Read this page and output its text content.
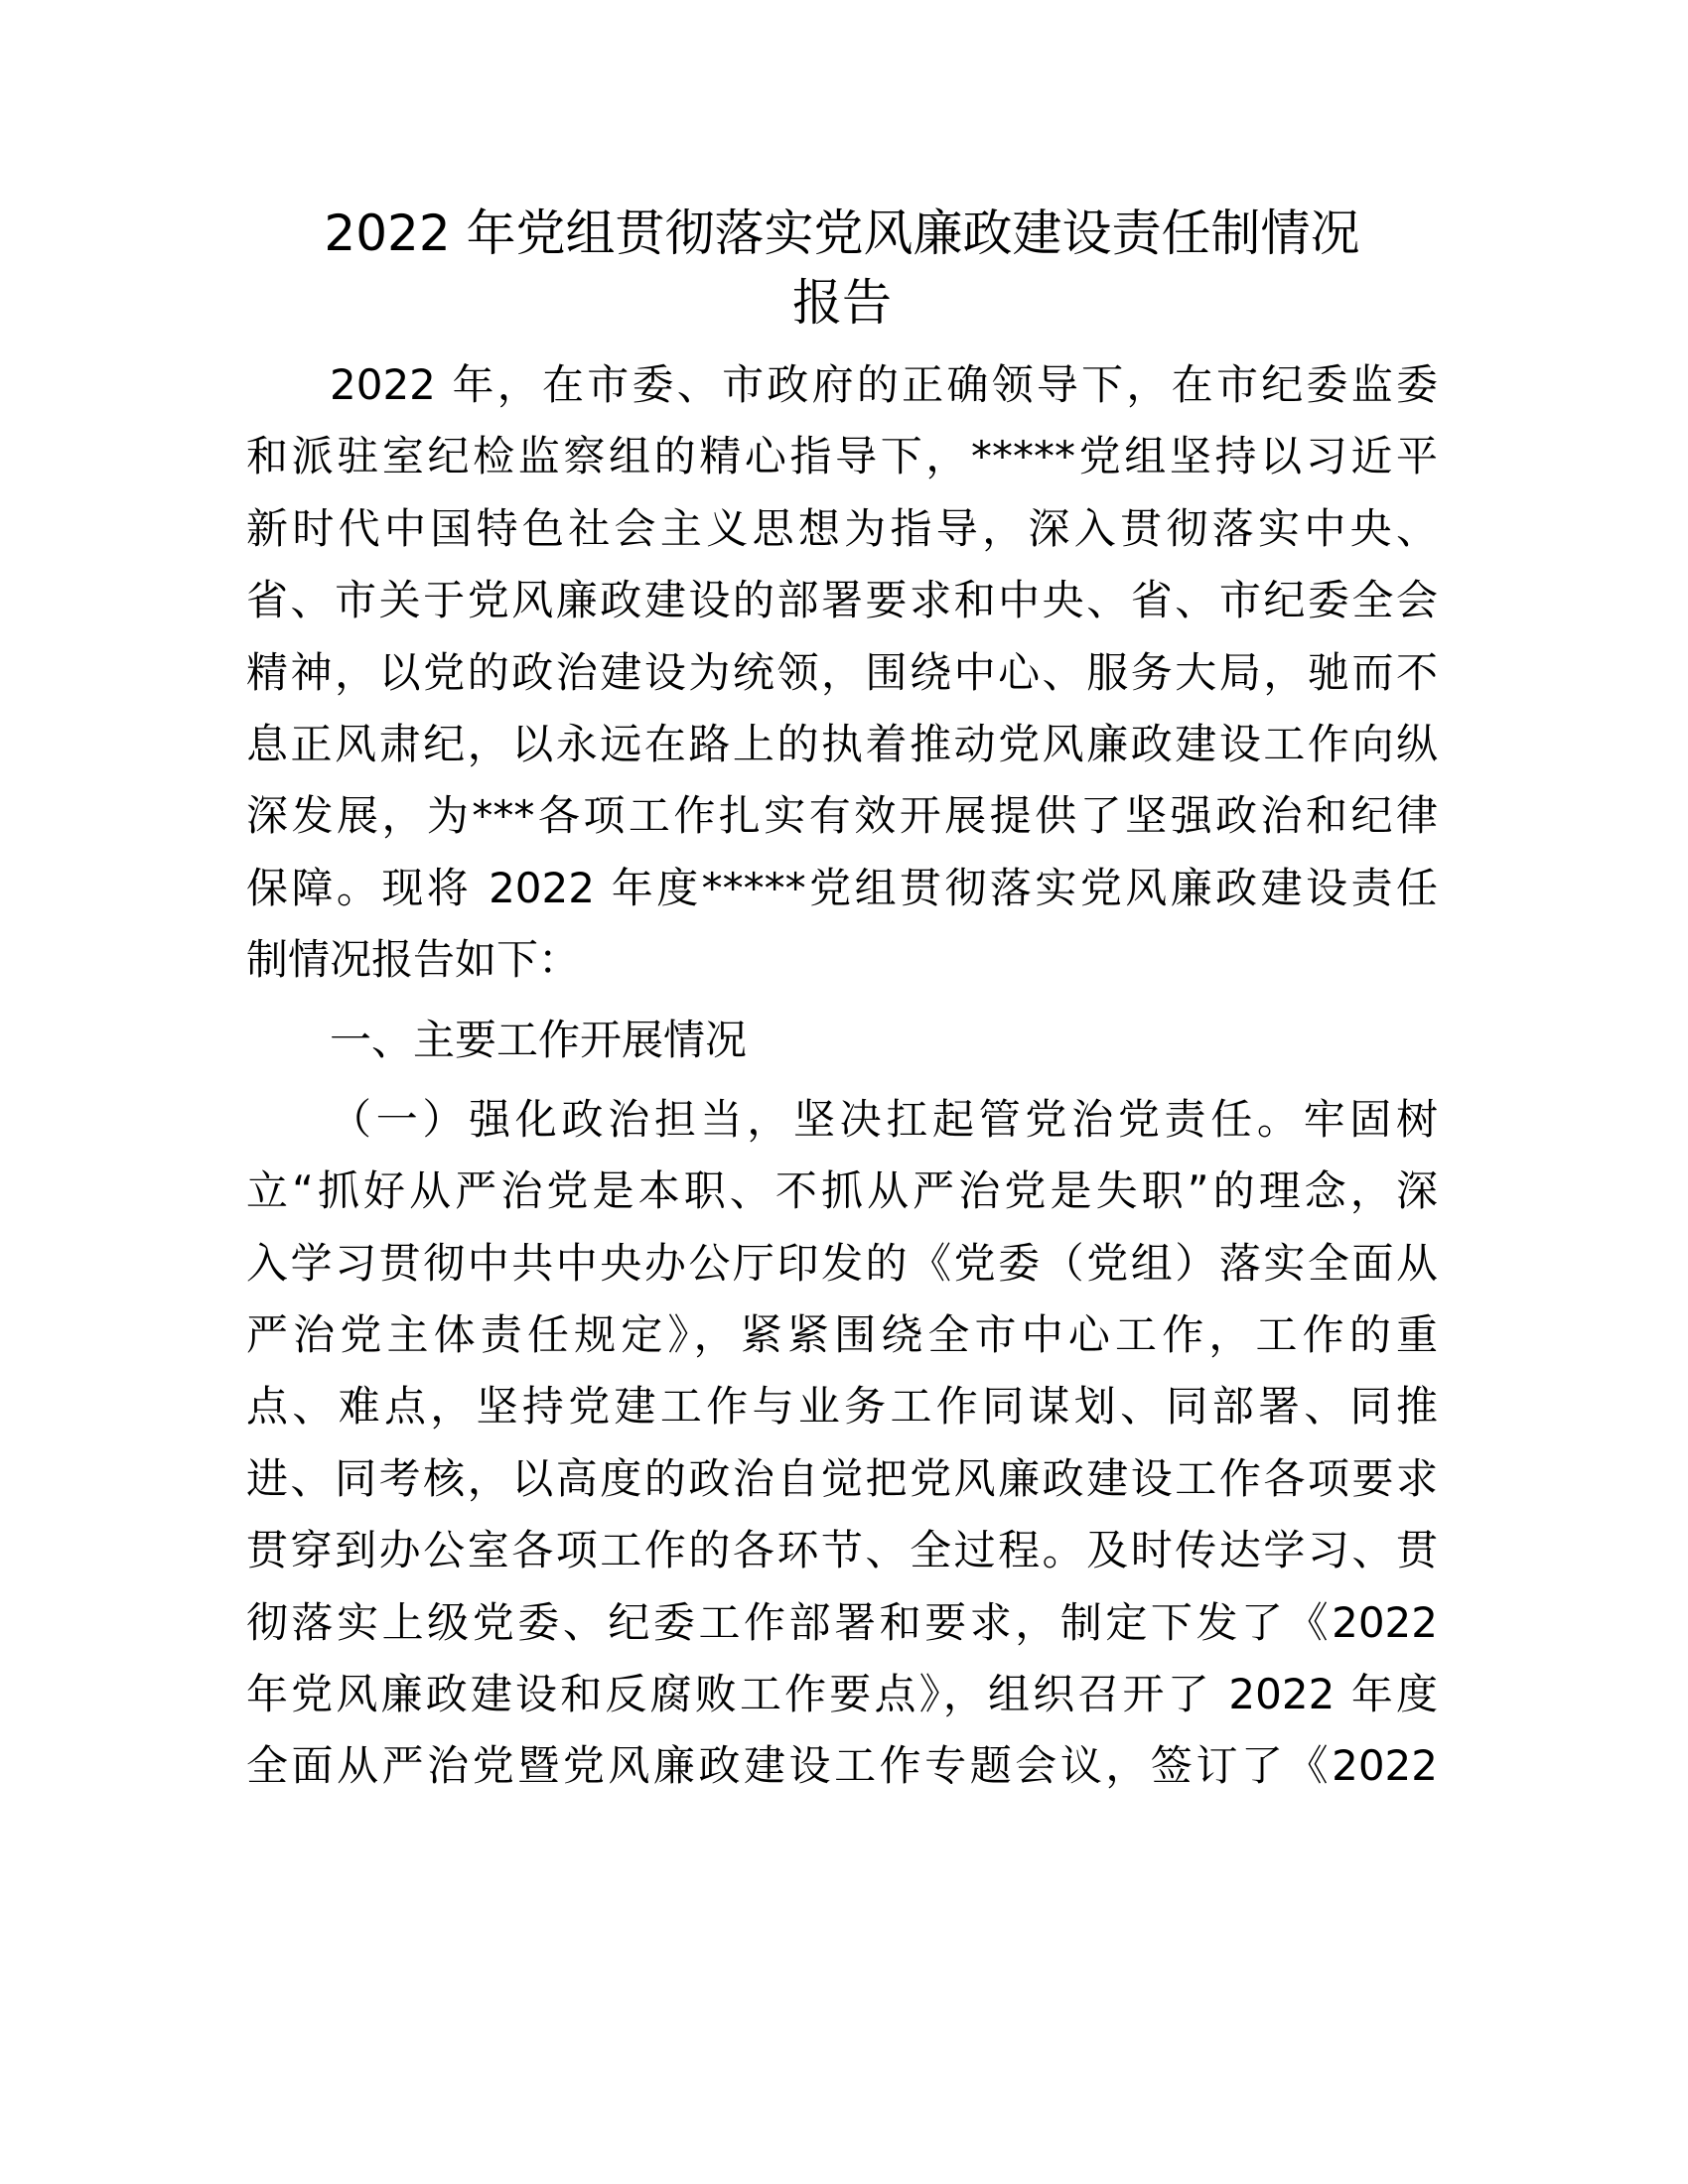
2022 年党组贯彻落实党风廉政建设责任制情况
报告
2022 年，在市委、市政府的正确领导下，在市纪委监委
和派驻室纪检监察组的精心指导下，*****党组坚持以习近平
新时代中国特色社会主义思想为指导，深入贯彻落实中央、
省、市关于党风廉政建设的部署要求和中央、省、市纪委全会
精神，以党的政治建设为统领，围绕中心、服务大局，驰而不
息正风肃纪，以永远在路上的执着推动党风廉政建设工作向纵
深发展，为***各项工作扎实有效开展提供了坚强政治和纪律
保障。现将 2022 年度*****党组贯彻落实党风廉政建设责任
制情况报告如下：
一、主要工作开展情况
（一）强化政治担当，坚决扛起管党治党责任。牢固树
立“抓好从严治党是本职、不抓从严治党是失职”的理念，深
入学习贯彻中共中央办公厅印发的《党委（党组）落实全面从
严治党主体责任规定》，紧紧围绕全市中心工作，工作的重
点、难点，坚持党建工作与业务工作同谋划、同部署、同推
进、同考核，以高度的政治自觉把党风廉政建设工作各项要求
贯穿到办公室各项工作的各环节、全过程。及时传达学习、贯
彻落实上级党委、纪委工作部署和要求，制定下发了《2022
年党风廉政建设和反腐败工作要点》，组织召开了 2022 年度
全面从严治党暨党风廉政建设工作专题会议，签订了《2022
